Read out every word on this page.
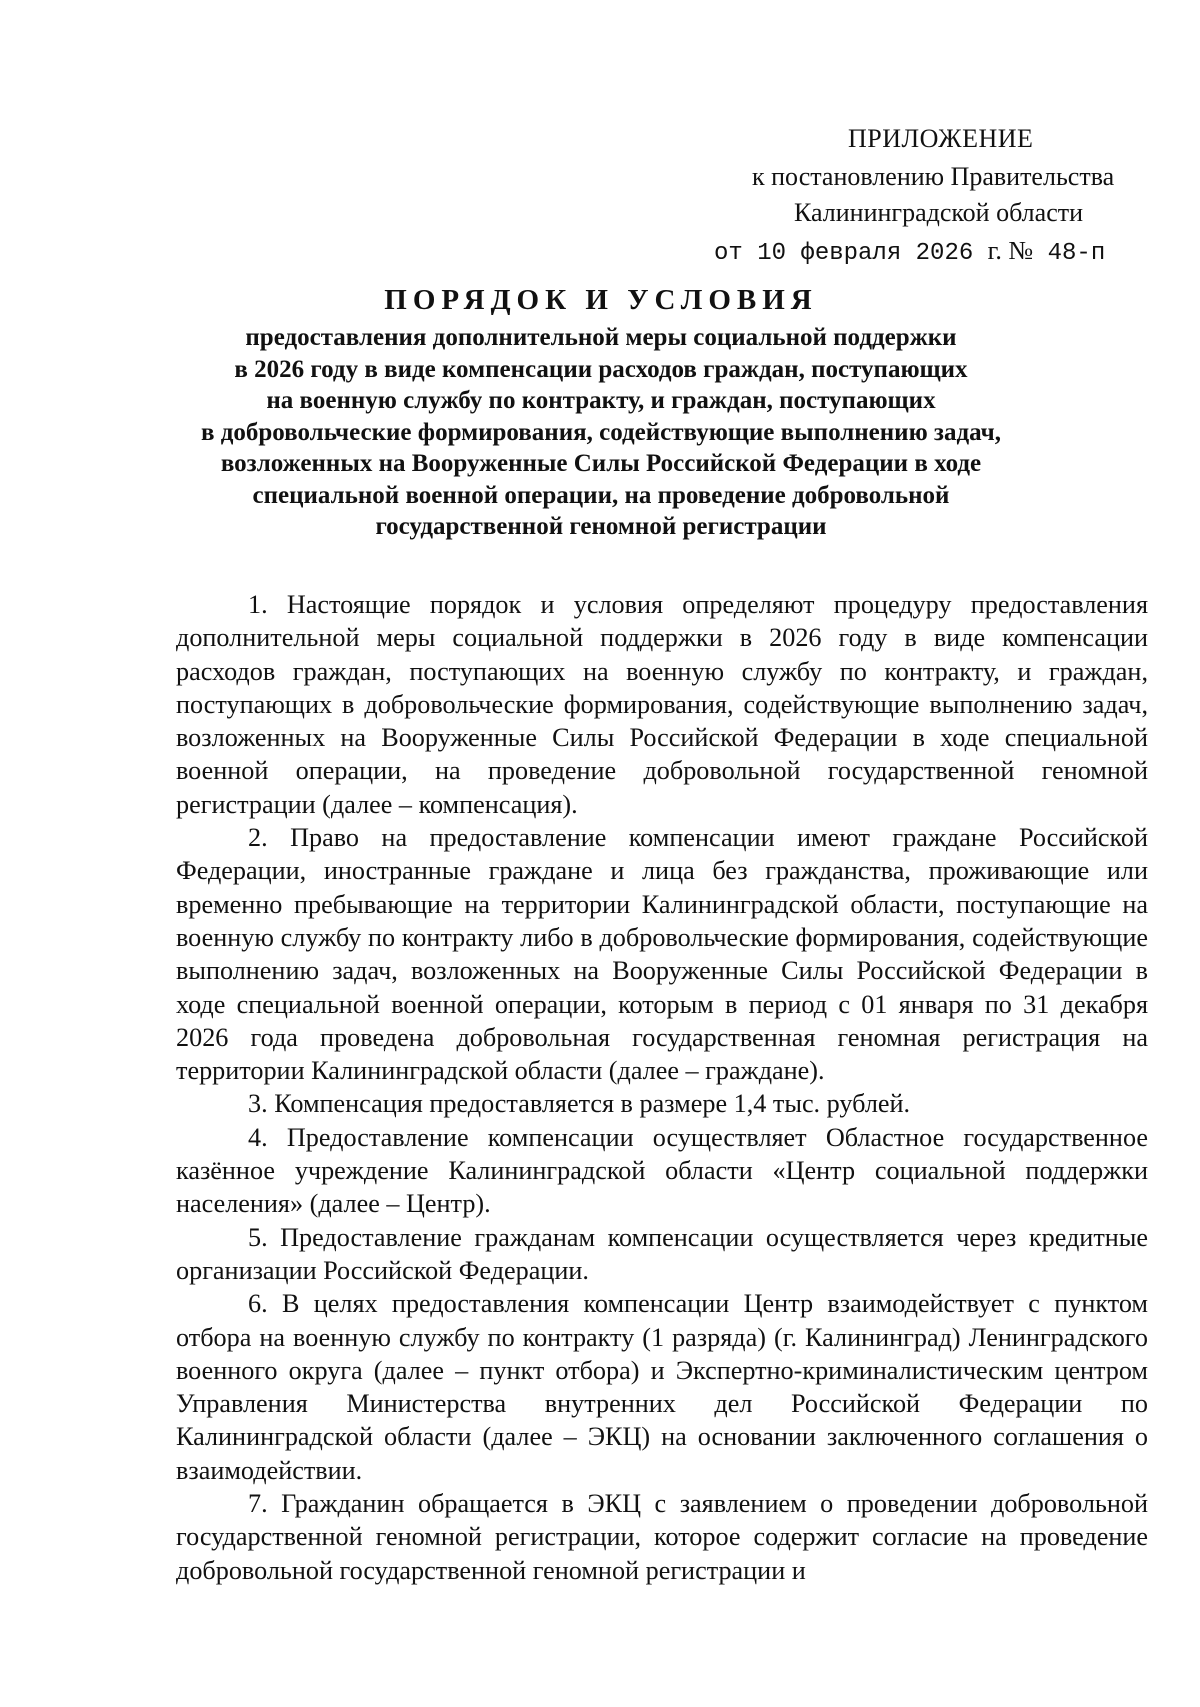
ПРИЛОЖЕНИЕ
к постановлению Правительства
Калининградской области
от 10 февраля 2026 г. № 48-п
ПОРЯДОК И УСЛОВИЯ
предоставления дополнительной меры социальной поддержки
в 2026 году в виде компенсации расходов граждан, поступающих
на военную службу по контракту, и граждан, поступающих
в добровольческие формирования, содействующие выполнению задач,
возложенных на Вооруженные Силы Российской Федерации в ходе
специальной военной операции, на проведение добровольной
государственной геномной регистрации

1. Настоящие порядок и условия определяют процедуру предоставления дополнительной меры социальной поддержки в 2026 году в виде компенсации расходов граждан, поступающих на военную службу по контракту, и граждан, поступающих в добровольческие формирования, содействующие выполнению задач, возложенных на Вооруженные Силы Российской Федерации в ходе специальной военной операции, на проведение добровольной государственной геномной регистрации (далее – компенсация).

2. Право на предоставление компенсации имеют граждане Российской Федерации, иностранные граждане и лица без гражданства, проживающие или временно пребывающие на территории Калининградской области, поступающие на военную службу по контракту либо в добровольческие формирования, содействующие выполнению задач, возложенных на Вооруженные Силы Российской Федерации в ходе специальной военной операции, которым в период с 01 января по 31 декабря 2026 года проведена добровольная государственная геномная регистрация на территории Калининградской области (далее – граждане).

3. Компенсация предоставляется в размере 1,4 тыс. рублей.

4. Предоставление компенсации осуществляет Областное государственное казённое учреждение Калининградской области «Центр социальной поддержки населения» (далее – Центр).

5. Предоставление гражданам компенсации осуществляется через кредитные организации Российской Федерации.

6. В целях предоставления компенсации Центр взаимодействует с пунктом отбора на военную службу по контракту (1 разряда) (г. Калининград) Ленинградского военного округа (далее – пункт отбора) и Экспертно-криминалистическим центром Управления Министерства внутренних дел Российской Федерации по Калининградской области (далее – ЭКЦ) на основании заключенного соглашения о взаимодействии.

7. Гражданин обращается в ЭКЦ с заявлением о проведении добровольной государственной геномной регистрации, которое содержит согласие на проведение добровольной государственной геномной регистрации и
